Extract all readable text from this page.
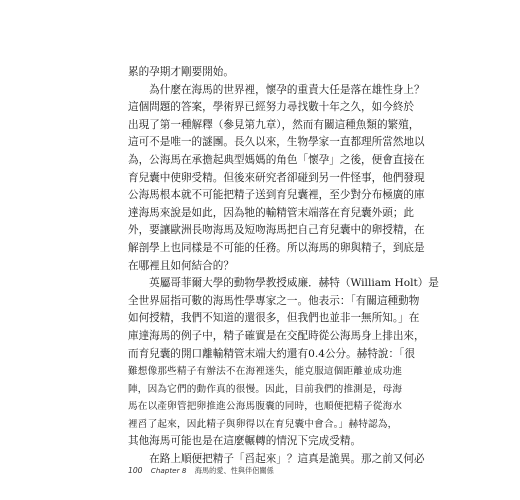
累的孕期才剛要開始。
　　為什麼在海馬的世界裡，懷孕的重責大任是落在雄性身上？
這個問題的答案，學術界已經努力尋找數十年之久，如今終於
出現了第一種解釋（參見第九章），然而有關這種魚類的繁殖，
這可不是唯一的謎團。長久以來，生物學家一直都理所當然地以
為，公海馬在承擔起典型媽媽的角色「懷孕」之後，便會直接在
育兒囊中使卵受精。但後來研究者卻碰到另一件怪事，他們發現
公海馬根本就不可能把精子送到育兒囊裡，至少對分布極廣的庫
達海馬來說是如此，因為牠的輸精管末端落在育兒囊外頭；此
外，要讓歐洲長吻海馬及短吻海馬把自己育兒囊中的卵授精，在
解剖學上也同樣是不可能的任務。所以海馬的卵與精子，到底是
在哪裡且如何結合的？
　　英屬哥菲爾大學的動物學教授威廉．赫特（William Holt）是
全世界屈指可數的海馬性學專家之一。他表示：「有關這種動物
如何授精，我們不知道的還很多，但我們也並非一無所知。」在
庫達海馬的例子中，精子確實是在交配時從公海馬身上排出來，
而育兒囊的開口離輸精管末端大約還有0.4公分。赫特說：「很
難想像那些精子有辦法不在海裡迷失，能克服這個距離並成功進
陣，因為它們的動作真的很慢。因此，目前我們的推測是，母海
馬在以產卵管把卵推進公海馬腹囊的同時，也順便把精子從海水
裡舀了起來，因此精子與卵得以在育兒囊中會合。」赫特認為，
其他海馬可能也是在這麼輾轉的情況下完成受精。
　　在路上順便把精子「舀起來」？這真是詭異。那之前又何必
100 Chapter 8 海馬的愛、性與伴侶關係
